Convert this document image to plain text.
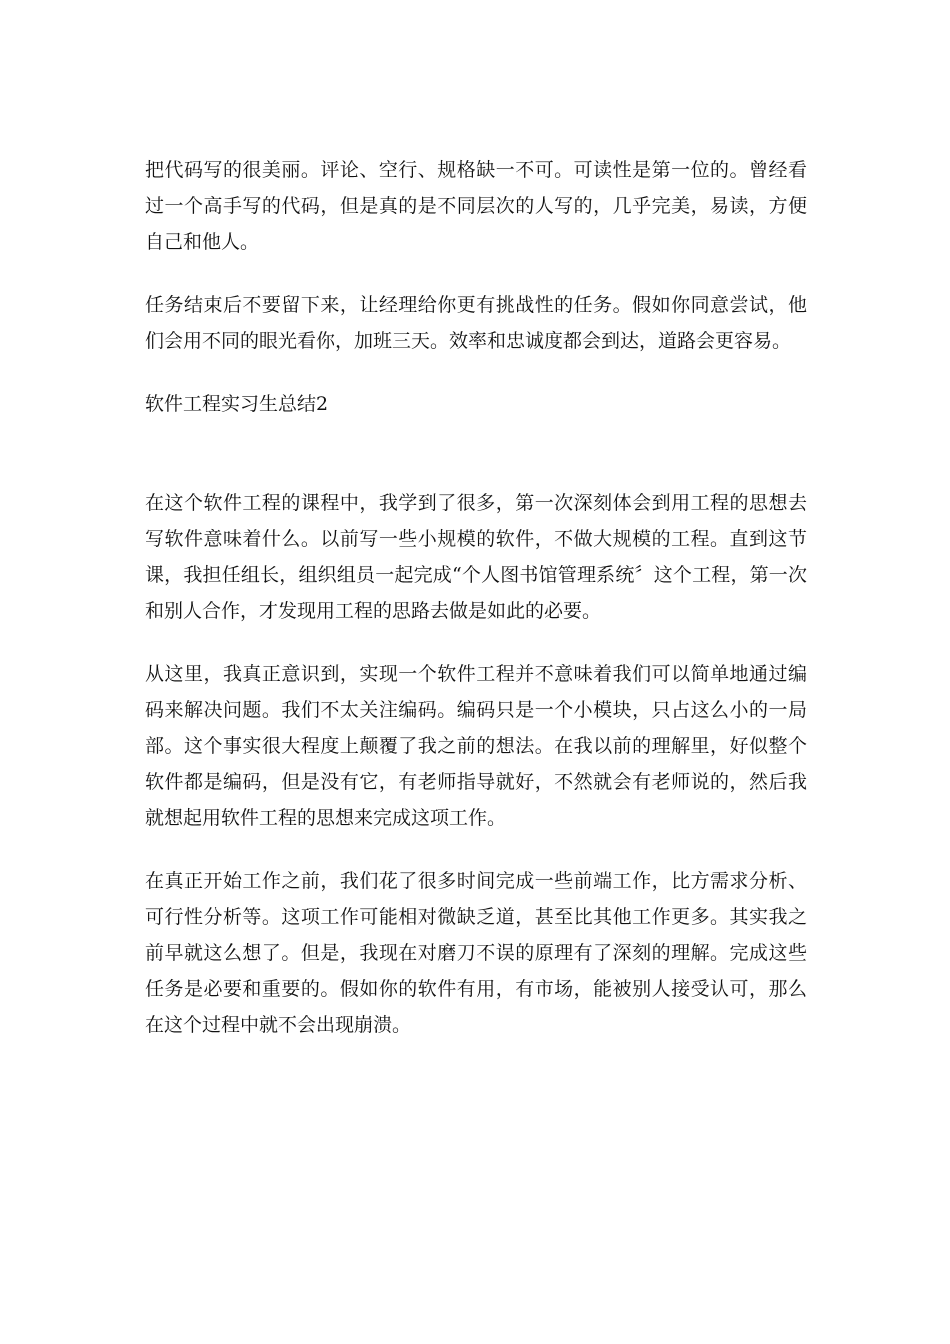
把代码写的很美丽。评论、空行、规格缺一不可。可读性是第一位的。曾经看过一个高手写的代码，但是真的是不同层次的人写的，几乎完美，易读，方便自己和他人。

任务结束后不要留下来，让经理给你更有挑战性的任务。假如你同意尝试，他们会用不同的眼光看你，加班三天。效率和忠诚度都会到达，道路会更容易。

软件工程实习生总结2

在这个软件工程的课程中，我学到了很多，第一次深刻体会到用工程的思想去写软件意味着什么。以前写一些小规模的软件，不做大规模的工程。直到这节课，我担任组长，组织组员一起完成“个人图书馆管理系统〞这个工程，第一次和别人合作，才发现用工程的思路去做是如此的必要。

从这里，我真正意识到，实现一个软件工程并不意味着我们可以简单地通过编码来解决问题。我们不太关注编码。编码只是一个小模块，只占这么小的一局部。这个事实很大程度上颠覆了我之前的想法。在我以前的理解里，好似整个软件都是编码，但是没有它，有老师指导就好，不然就会有老师说的，然后我就想起用软件工程的思想来完成这项工作。

在真正开始工作之前，我们花了很多时间完成一些前端工作，比方需求分析、可行性分析等。这项工作可能相对微缺乏道，甚至比其他工作更多。其实我之前早就这么想了。但是，我现在对磨刀不误的原理有了深刻的理解。完成这些任务是必要和重要的。假如你的软件有用，有市场，能被别人接受认可，那么在这个过程中就不会出现崩溃。
